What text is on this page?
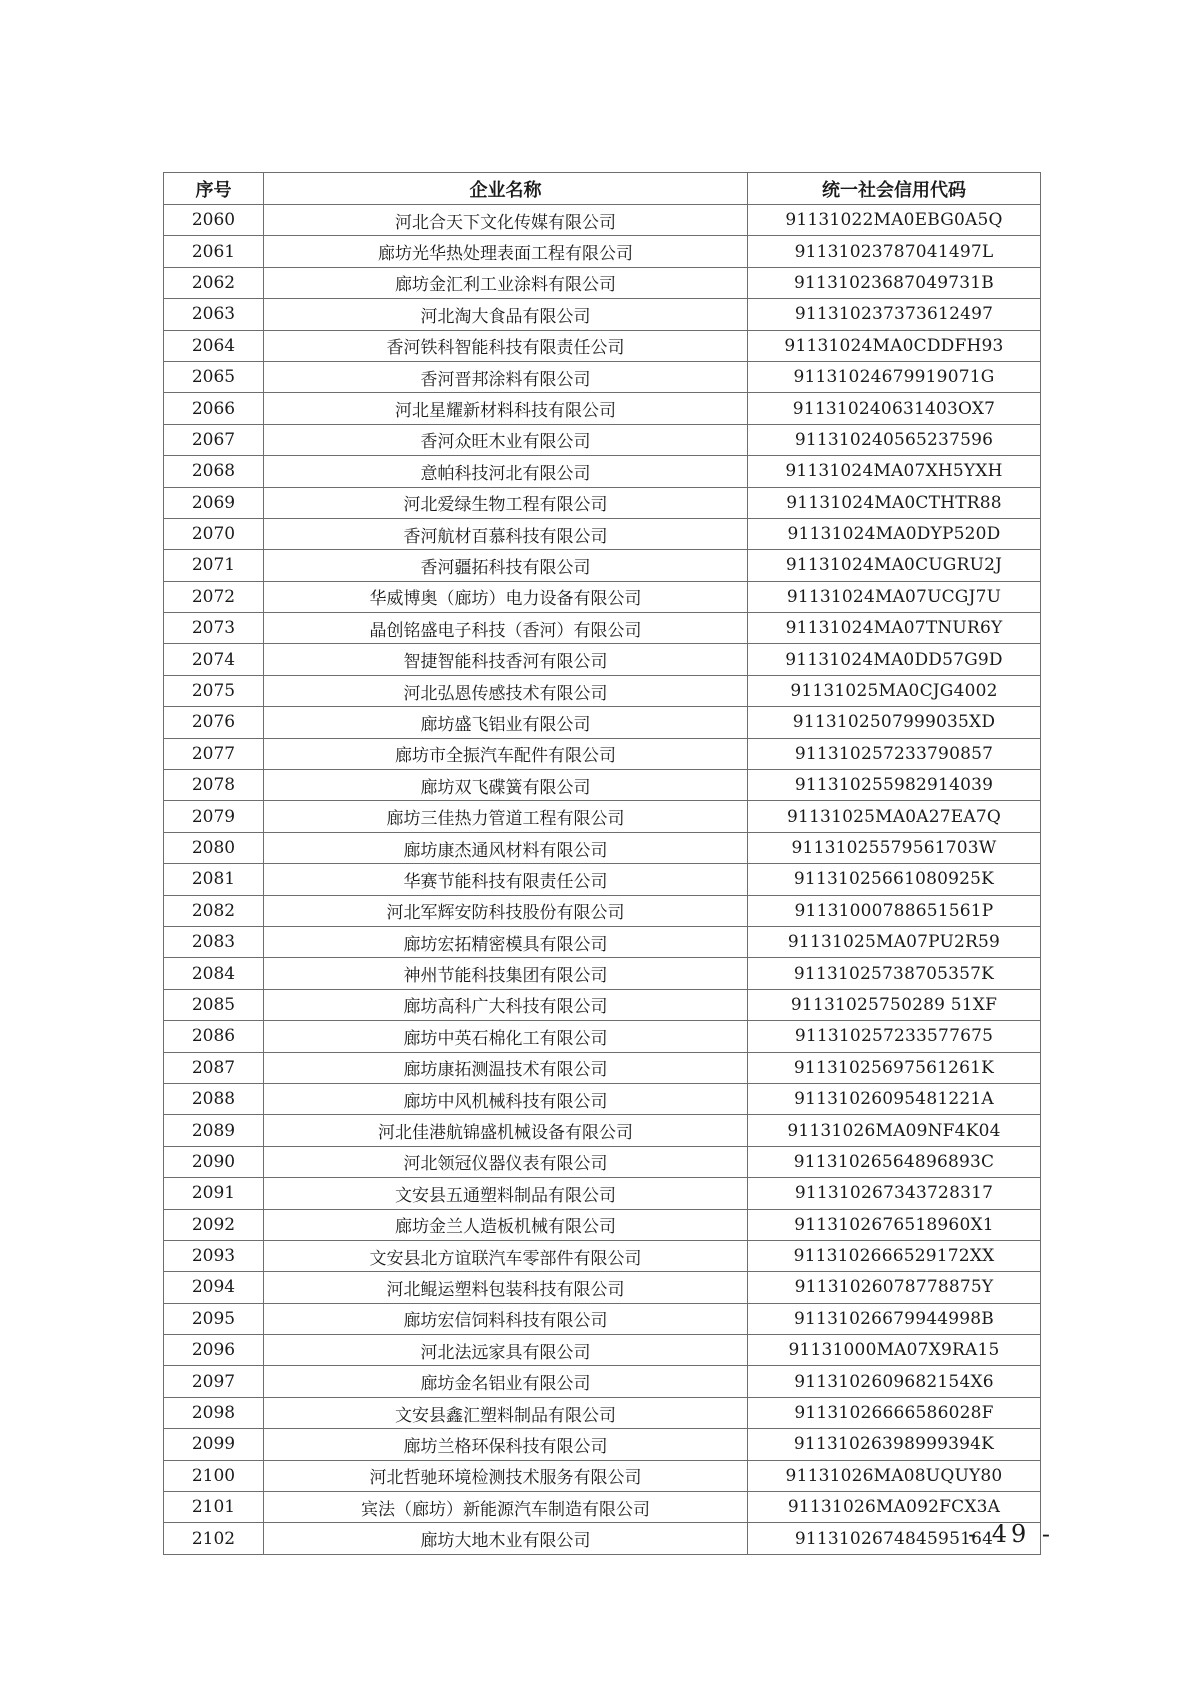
序号	企业名称	统一社会信用代码
2060	河北合天下文化传媒有限公司	91131022MA0EBG0A5Q
2061	廊坊光华热处理表面工程有限公司	91131023787041497L
2062	廊坊金汇利工业涂料有限公司	91131023687049731B
2063	河北淘大食品有限公司	911310237373612497
2064	香河铁科智能科技有限责任公司	91131024MA0CDDFH93
2065	香河晋邦涂料有限公司	91131024679919071G
2066	河北星耀新材料科技有限公司	911310240631403OX7
2067	香河众旺木业有限公司	911310240565237596
2068	意帕科技河北有限公司	91131024MA07XH5YXH
2069	河北爱绿生物工程有限公司	91131024MA0CTHTR88
2070	香河航材百慕科技有限公司	91131024MA0DYP520D
2071	香河疆拓科技有限公司	91131024MA0CUGRU2J
2072	华威博奥（廊坊）电力设备有限公司	91131024MA07UCGJ7U
2073	晶创铭盛电子科技（香河）有限公司	91131024MA07TNUR6Y
2074	智捷智能科技香河有限公司	91131024MA0DD57G9D
2075	河北弘恩传感技术有限公司	91131025MA0CJG4002
2076	廊坊盛飞铝业有限公司	9113102507999035XD
2077	廊坊市全振汽车配件有限公司	911310257233790857
2078	廊坊双飞碟簧有限公司	911310255982914039
2079	廊坊三佳热力管道工程有限公司	91131025MA0A27EA7Q
2080	廊坊康杰通风材料有限公司	91131025579561703W
2081	华赛节能科技有限责任公司	91131025661080925K
2082	河北军辉安防科技股份有限公司	91131000788651561P
2083	廊坊宏拓精密模具有限公司	91131025MA07PU2R59
2084	神州节能科技集团有限公司	91131025738705357K
2085	廊坊高科广大科技有限公司	91131025750289 51XF
2086	廊坊中英石棉化工有限公司	911310257233577675
2087	廊坊康拓测温技术有限公司	91131025697561261K
2088	廊坊中风机械科技有限公司	91131026095481221A
2089	河北佳港航锦盛机械设备有限公司	91131026MA09NF4K04
2090	河北领冠仪器仪表有限公司	91131026564896893C
2091	文安县五通塑料制品有限公司	911310267343728317
2092	廊坊金兰人造板机械有限公司	9113102676518960X1
2093	文安县北方谊联汽车零部件有限公司	9113102666529172XX
2094	河北鲲运塑料包装科技有限公司	91131026078778875Y
2095	廊坊宏信饲料科技有限公司	91131026679944998B
2096	河北法远家具有限公司	91131000MA07X9RA15
2097	廊坊金名铝业有限公司	9113102609682154X6
2098	文安县鑫汇塑料制品有限公司	91131026666586028F
2099	廊坊兰格环保科技有限公司	91131026398999394K
2100	河北哲驰环境检测技术服务有限公司	91131026MA08UQUY80
2101	宾法（廊坊）新能源汽车制造有限公司	91131026MA092FCX3A
2102	廊坊大地木业有限公司	911310267484595164
- 49 -
